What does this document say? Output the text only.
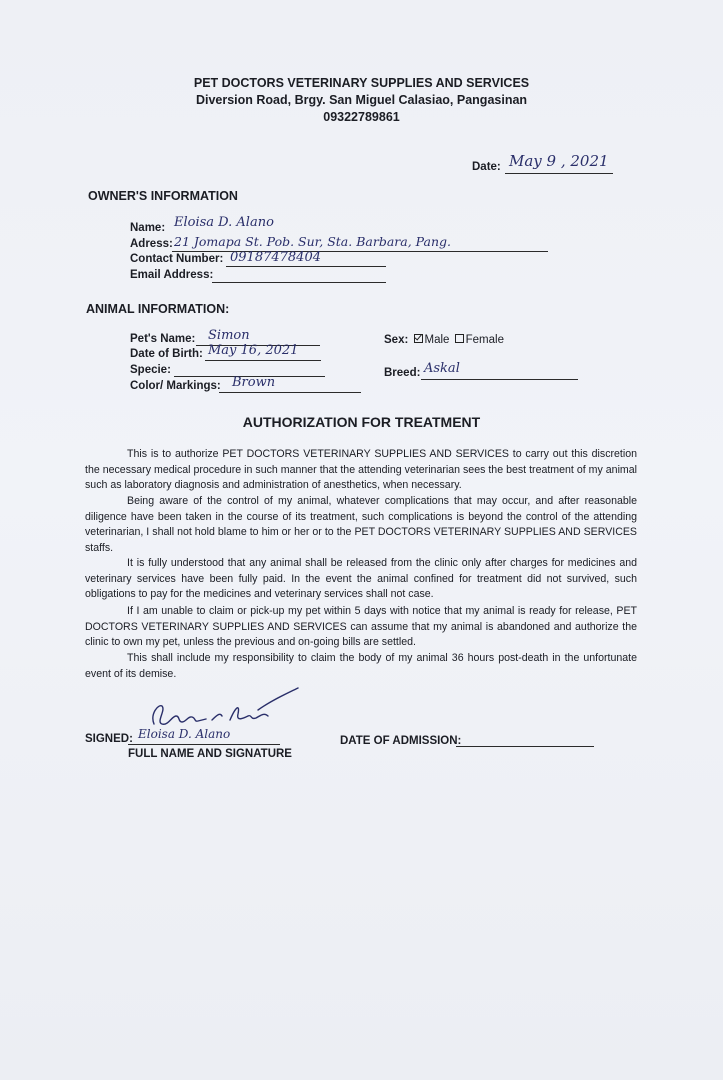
PET DOCTORS VETERINARY SUPPLIES AND SERVICES
Diversion Road, Brgy. San Miguel Calasiao, Pangasinan
09322789861
Date: May 9 , 2021
OWNER'S INFORMATION
Name: Eloisa D. Alano
Adress: 21 Jomapa St. Pob. Sur, Sta. Barbara, Pang.
Contact Number: 09187478404
Email Address:
ANIMAL INFORMATION:
Pet's Name: Simon
Date of Birth: May 16, 2021
Specie:
Color/ Markings: Brown
Sex: Male Female
Breed: Askal
AUTHORIZATION FOR TREATMENT
This is to authorize PET DOCTORS VETERINARY SUPPLIES AND SERVICES to carry out this discretion the necessary medical procedure in such manner that the attending veterinarian sees the best treatment of my animal such as laboratory diagnosis and administration of anesthetics, when necessary.
Being aware of the control of my animal, whatever complications that may occur, and after reasonable diligence have been taken in the course of its treatment, such complications is beyond the control of the attending veterinarian, I shall not hold blame to him or her or to the PET DOCTORS VETERINARY SUPPLIES AND SERVICES staffs.
It is fully understood that any animal shall be released from the clinic only after charges for medicines and veterinary services have been fully paid. In the event the animal confined for treatment did not survived, such obligations to pay for the medicines and veterinary services shall not case.
If I am unable to claim or pick-up my pet within 5 days with notice that my animal is ready for release, PET DOCTORS VETERINARY SUPPLIES AND SERVICES can assume that my animal is abandoned and authorize the clinic to own my pet, unless the previous and on-going bills are settled.
This shall include my responsibility to claim the body of my animal 36 hours post-death in the unfortunate event of its demise.
SIGNED: Eloisa D. Alano
FULL NAME AND SIGNATURE
DATE OF ADMISSION:
